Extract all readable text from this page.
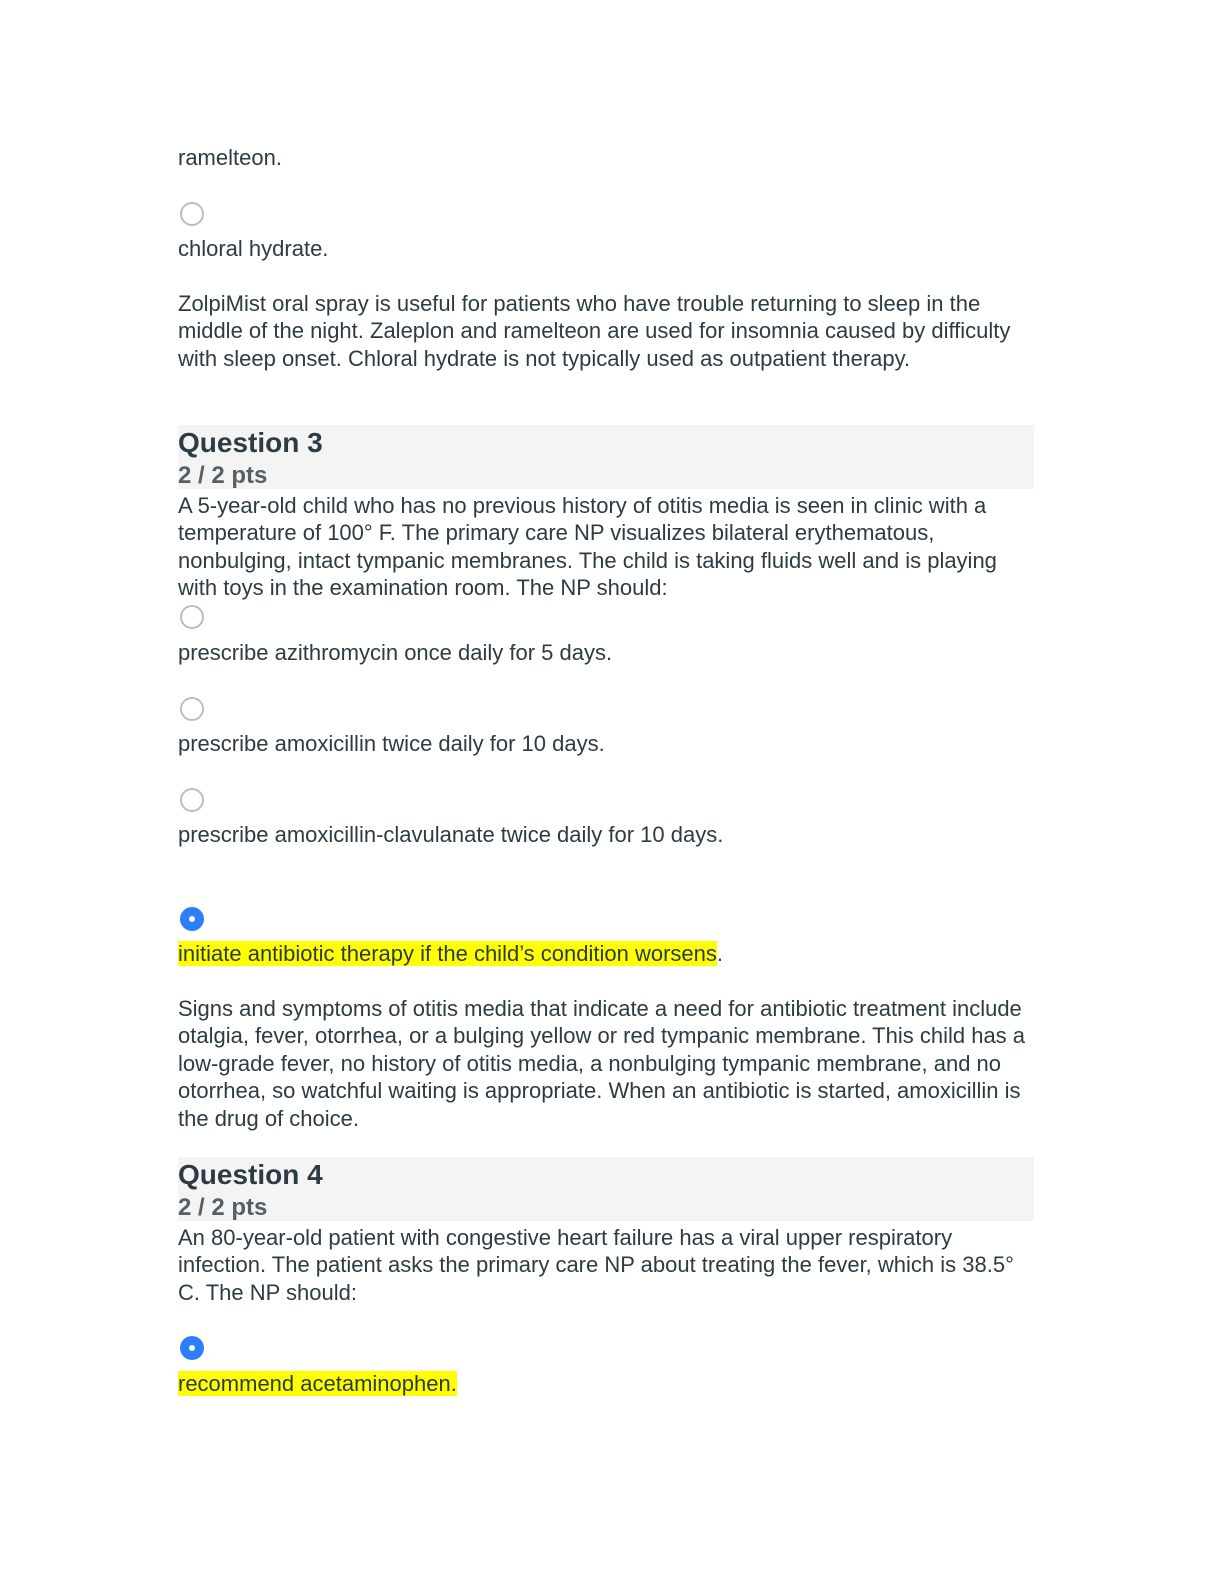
ramelteon.

chloral hydrate.

ZolpiMist oral spray is useful for patients who have trouble returning to sleep in the middle of the night. Zaleplon and ramelteon are used for insomnia caused by difficulty with sleep onset. Chloral hydrate is not typically used as outpatient therapy.

Question 3
2 / 2 pts

A 5-year-old child who has no previous history of otitis media is seen in clinic with a temperature of 100° F. The primary care NP visualizes bilateral erythematous, nonbulging, intact tympanic membranes. The child is taking fluids well and is playing with toys in the examination room. The NP should:

prescribe azithromycin once daily for 5 days.

prescribe amoxicillin twice daily for 10 days.

prescribe amoxicillin-clavulanate twice daily for 10 days.

initiate antibiotic therapy if the child’s condition worsens.

Signs and symptoms of otitis media that indicate a need for antibiotic treatment include otalgia, fever, otorrhea, or a bulging yellow or red tympanic membrane. This child has a low-grade fever, no history of otitis media, a nonbulging tympanic membrane, and no otorrhea, so watchful waiting is appropriate. When an antibiotic is started, amoxicillin is the drug of choice.

Question 4
2 / 2 pts

An 80-year-old patient with congestive heart failure has a viral upper respiratory infection. The patient asks the primary care NP about treating the fever, which is 38.5° C. The NP should:

recommend acetaminophen.
